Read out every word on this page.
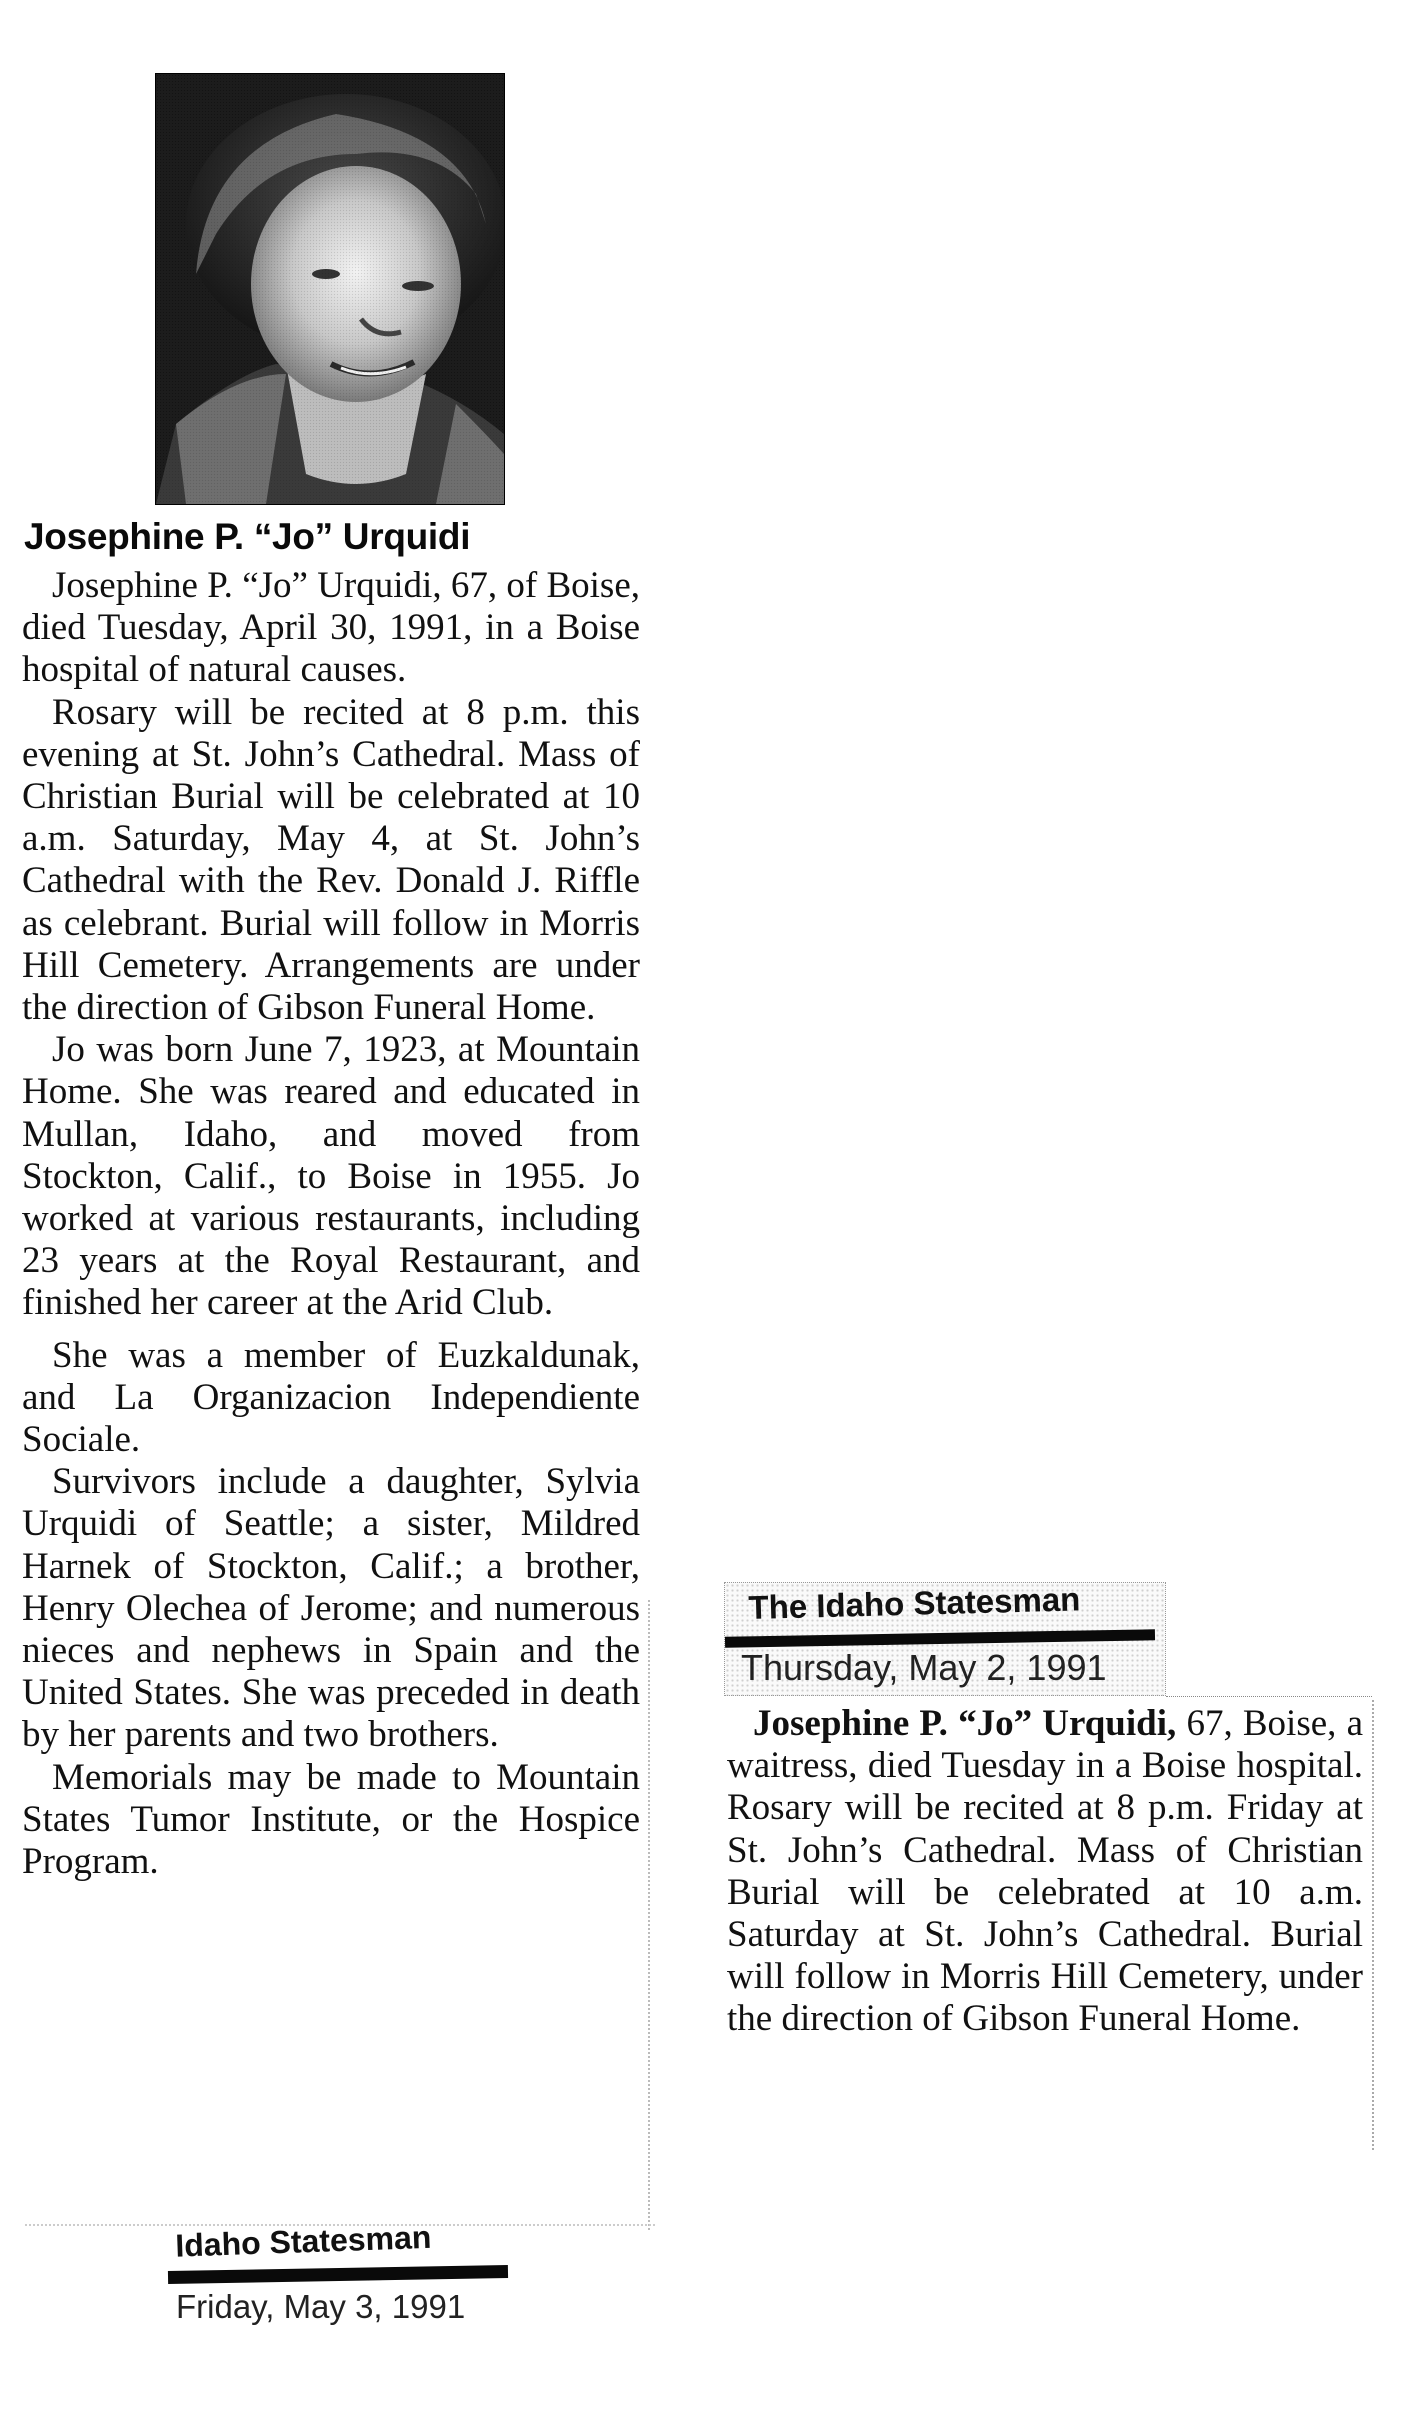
Josephine P. “Jo” Urquidi

Josephine P. “Jo” Urquidi, 67, of Boise, died Tuesday, April 30, 1991, in a Boise hospital of natural causes.

Rosary will be recited at 8 p.m. this evening at St. John’s Cathedral. Mass of Christian Burial will be celebrated at 10 a.m. Saturday, May 4, at St. John’s Cathedral with the Rev. Donald J. Riffle as celebrant. Burial will follow in Morris Hill Cemetery. Arrangements are under the direction of Gibson Funeral Home.

Jo was born June 7, 1923, at Mountain Home. She was reared and educated in Mullan, Idaho, and moved from Stockton, Calif., to Boise in 1955. Jo worked at various restaurants, including 23 years at the Royal Restaurant, and finished her career at the Arid Club.

She was a member of Euzkaldunak, and La Organizacion Independiente Sociale.

Survivors include a daughter, Sylvia Urquidi of Seattle; a sister, Mildred Harnek of Stockton, Calif.; a brother, Henry Olechea of Jerome; and numerous nieces and nephews in Spain and the United States. She was preceded in death by her parents and two brothers.

Memorials may be made to Mountain States Tumor Institute, or the Hospice Program.

Idaho Statesman
Friday, May 3, 1991
The Idaho Statesman
Thursday, May 2, 1991

Josephine P. “Jo” Urquidi, 67, Boise, a waitress, died Tuesday in a Boise hospital. Rosary will be recited at 8 p.m. Friday at St. John’s Cathedral. Mass of Christian Burial will be celebrated at 10 a.m. Saturday at St. John’s Cathedral. Burial will follow in Morris Hill Cemetery, under the direction of Gibson Funeral Home.
